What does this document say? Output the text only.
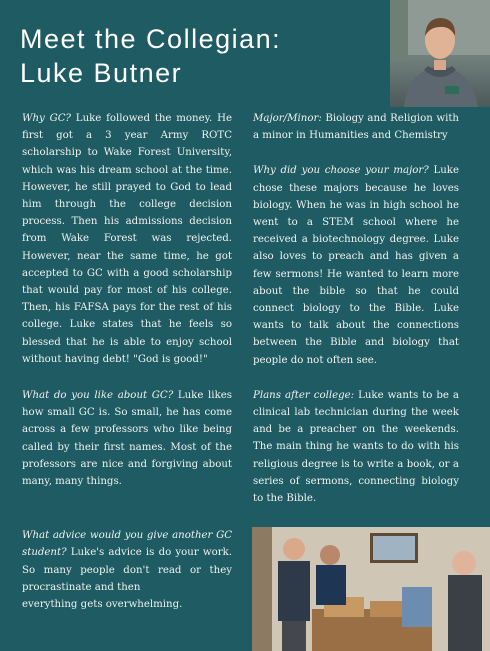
Meet the Collegian:
Luke Butner

Why GC? Luke followed the money. He first got a 3 year Army ROTC scholarship to Wake Forest University, which was his dream school at the time. However, he still prayed to God to lead him through the college decision process. Then his admissions decision from Wake Forest was rejected. However, near the same time, he got accepted to GC with a good scholarship that would pay for most of his college. Then, his FAFSA pays for the rest of his college. Luke states that he feels so blessed that he is able to enjoy school without having debt! "God is good!"

What do you like about GC? Luke likes how small GC is. So small, he has come across a few professors who like being called by their first names. Most of the professors are nice and forgiving about many, many things.

What advice would you give another GC student? Luke's advice is do your work. So many people don't read or they procrastinate and then
everything gets overwhelming.

Major/Minor: Biology and Religion with a minor in Humanities and Chemistry

Why did you choose your major? Luke chose these majors because he loves biology. When he was in high school he went to a STEM school where he received a biotechnology degree. Luke also loves to preach and has given a few sermons! He wanted to learn more about the bible so that he could connect biology to the Bible. Luke wants to talk about the connections between the Bible and biology that people do not often see.

Plans after college: Luke wants to be a clinical lab technician during the week and be a preacher on the weekends. The main thing he wants to do with his religious degree is to write a book, or a series of sermons, connecting biology to the Bible.
